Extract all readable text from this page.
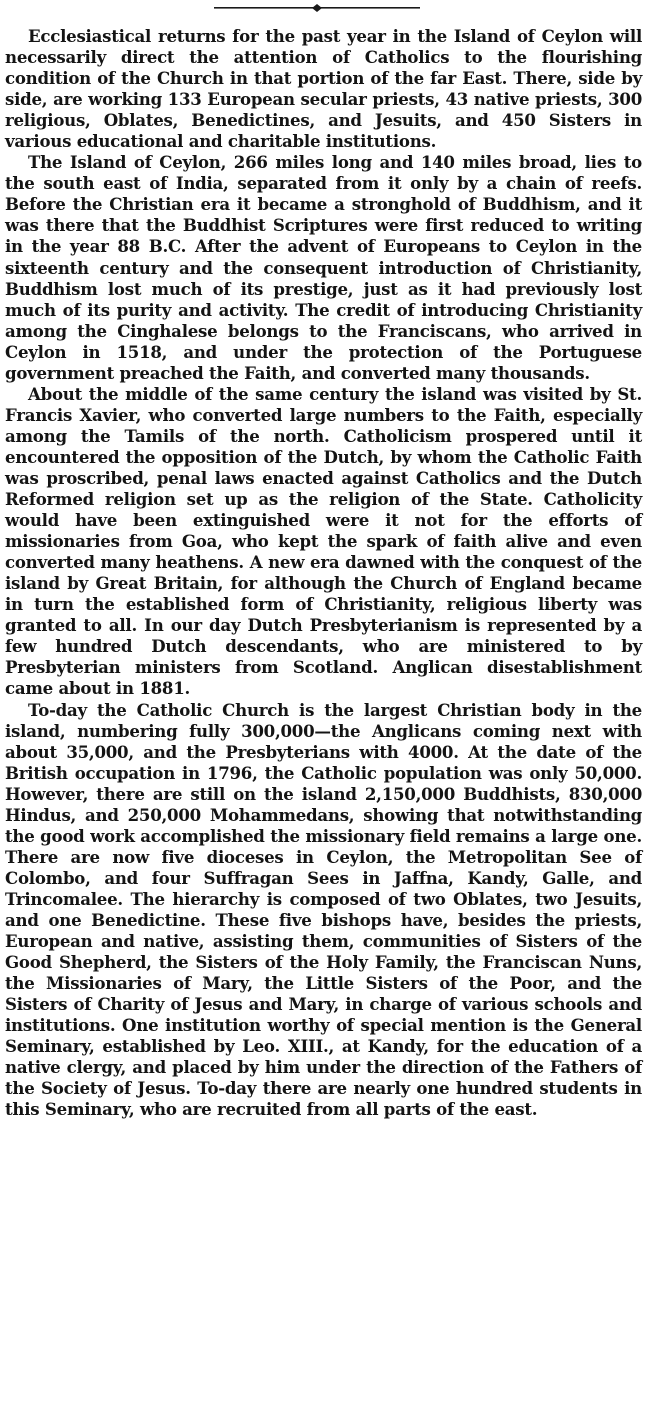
Ecclesiastical returns for the past year in the Island of Ceylon will necessarily direct the attention of Catholics to the flourishing condition of the Church in that portion of the far East. There, side by side, are working 133 European secular priests, 43 native priests, 300 religious, Oblates, Benedictines, and Jesuits, and 450 Sisters in various educational and charitable institutions.

The Island of Ceylon, 266 miles long and 140 miles broad, lies to the south east of India, separated from it only by a chain of reefs. Before the Christian era it became a stronghold of Buddhism, and it was there that the Buddhist Scriptures were first reduced to writing in the year 88 B.C. After the advent of Europeans to Ceylon in the sixteenth century and the consequent introduction of Christianity, Buddhism lost much of its prestige, just as it had previously lost much of its purity and activity. The credit of introducing Christianity among the Cinghalese belongs to the Franciscans, who arrived in Ceylon in 1518, and under the protection of the Portuguese government preached the Faith, and converted many thousands.

About the middle of the same century the island was visited by St. Francis Xavier, who converted large numbers to the Faith, especially among the Tamils of the north. Catholicism prospered until it encountered the opposition of the Dutch, by whom the Catholic Faith was proscribed, penal laws enacted against Catholics and the Dutch Reformed religion set up as the religion of the State. Catholicity would have been extinguished were it not for the efforts of missionaries from Goa, who kept the spark of faith alive and even converted many heathens. A new era dawned with the conquest of the island by Great Britain, for although the Church of England became in turn the established form of Christianity, religious liberty was granted to all. In our day Dutch Presbyterianism is represented by a few hundred Dutch descendants, who are ministered to by Presbyterian ministers from Scotland. Anglican disestablishment came about in 1881.

To-day the Catholic Church is the largest Christian body in the island, numbering fully 300,000—the Anglicans coming next with about 35,000, and the Presbyterians with 4000. At the date of the British occupation in 1796, the Catholic population was only 50,000. However, there are still on the island 2,150,000 Buddhists, 830,000 Hindus, and 250,000 Mohammedans, showing that notwithstanding the good work accomplished the missionary field remains a large one. There are now five dioceses in Ceylon, the Metropolitan See of Colombo, and four Suffragan Sees in Jaffna, Kandy, Galle, and Trincomalee. The hierarchy is composed of two Oblates, two Jesuits, and one Benedictine. These five bishops have, besides the priests, European and native, assisting them, communities of Sisters of the Good Shepherd, the Sisters of the Holy Family, the Franciscan Nuns, the Missionaries of Mary, the Little Sisters of the Poor, and the Sisters of Charity of Jesus and Mary, in charge of various schools and institutions. One institution worthy of special mention is the General Seminary, established by Leo. XIII., at Kandy, for the education of a native clergy, and placed by him under the direction of the Fathers of the Society of Jesus. To-day there are nearly one hundred students in this Seminary, who are recruited from all parts of the east.
